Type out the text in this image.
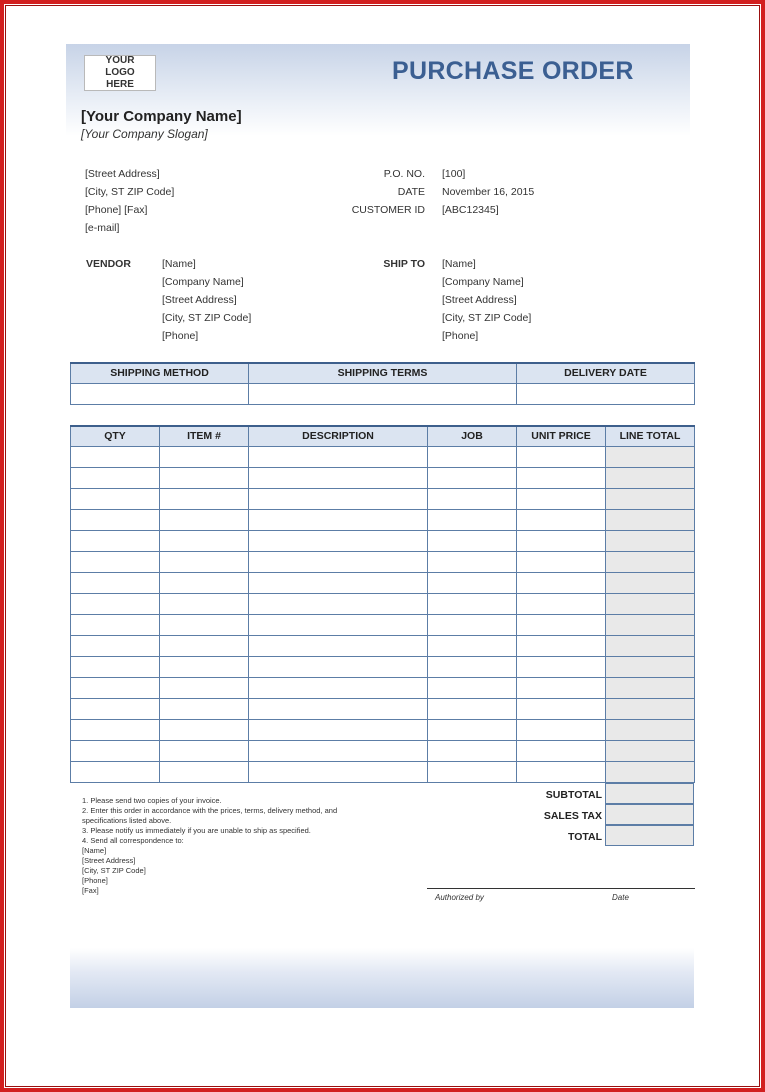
YOUR LOGO HERE	PURCHASE ORDER
[Your Company Name]
[Your Company Slogan]
[Street Address]
[City, ST ZIP Code]
[Phone] [Fax]
[e-mail]
P.O. NO. [100]
DATE November 16, 2015
CUSTOMER ID [ABC12345]
VENDOR	[Name]
[Company Name]
[Street Address]
[City, ST ZIP Code]
[Phone]
SHIP TO [Name]
[Company Name]
[Street Address]
[City, ST ZIP Code]
[Phone]
SHIPPING METHOD	SHIPPING TERMS	DELIVERY DATE

QTY	ITEM #	DESCRIPTION	JOB	UNIT PRICE	LINE TOTAL

SUBTOTAL
SALES TAX
TOTAL
1. Please send two copies of your invoice.
2. Enter this order in accordance with the prices, terms, delivery method, and
specifications listed above.
3. Please notify us immediately if you are unable to ship as specified.
4. Send all correspondence to:
[Name]
[Street Address]
[City, ST ZIP Code]
[Phone]
[Fax]
Authorized by	Date
